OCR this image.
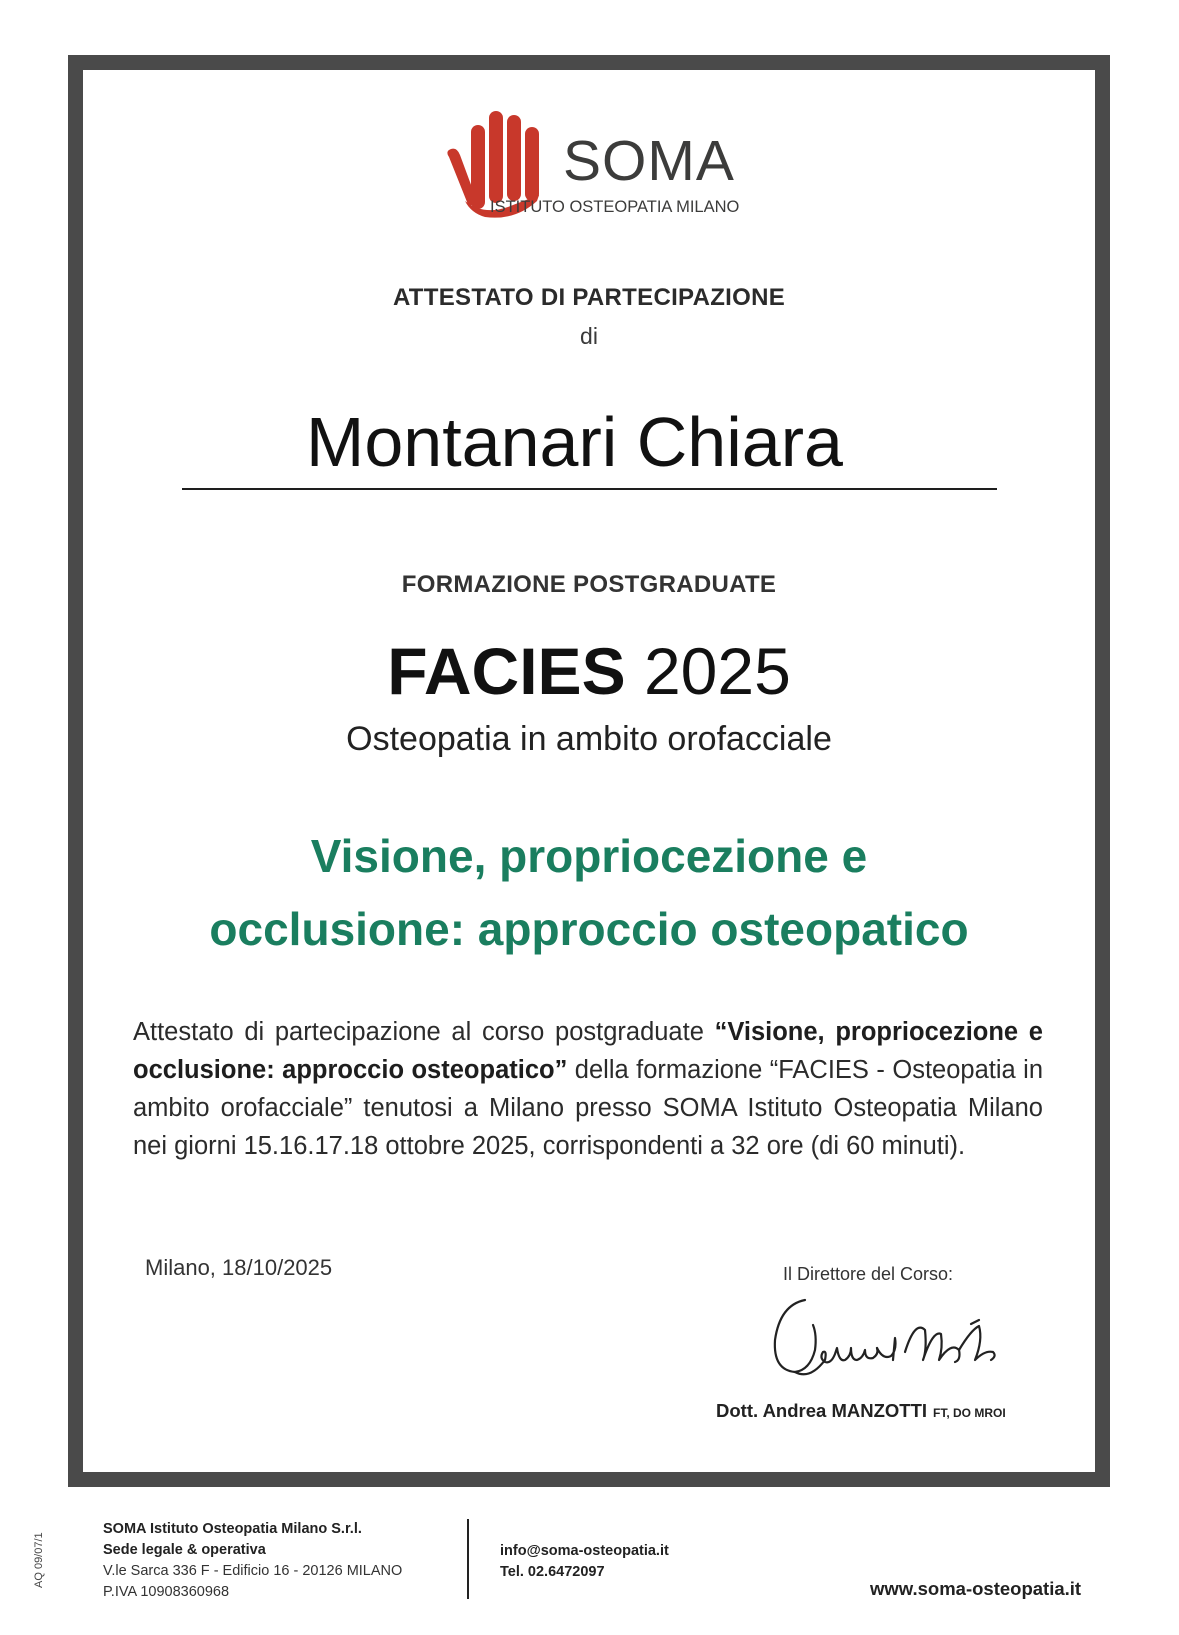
SOMA
ISTITUTO OSTEOPATIA MILANO
ATTESTATO DI PARTECIPAZIONE
di
Montanari Chiara
FORMAZIONE POSTGRADUATE
FACIES 2025
Osteopatia in ambito orofacciale
Visione, propriocezione e
occlusione: approccio osteopatico
Attestato di partecipazione al corso postgraduate “Visione, propriocezione e occlusione: approccio osteopatico” della formazione “FACIES - Osteopatia in ambito orofacciale” tenutosi a Milano presso SOMA Istituto Osteopatia Milano nei giorni 15.16.17.18 ottobre 2025, corrispondenti a 32 ore (di 60 minuti).
Milano, 18/10/2025	Il Direttore del Corso:
Dott. Andrea MANZOTTI FT, DO MROI
AQ 09/07/1
SOMA Istituto Osteopatia Milano S.r.l.
Sede legale & operativa
V.le Sarca 336 F - Edificio 16 - 20126 MILANO
P.IVA 10908360968
info@soma-osteopatia.it
Tel. 02.6472097
www.soma-osteopatia.it
